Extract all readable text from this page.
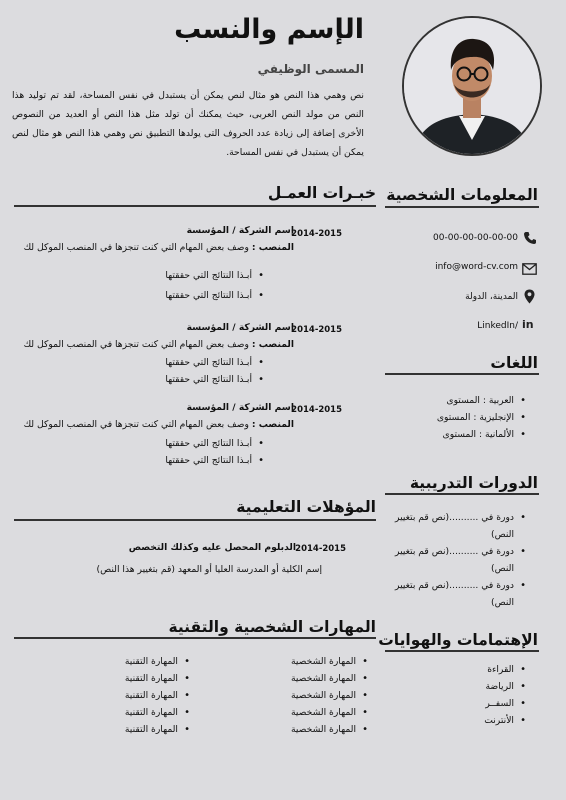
الإسم والنسب
المسمى الوظيفي
نص وهمي هذا النص هو مثال لنص يمكن أن يستبدل في نفس المساحة، لقد تم توليد هذا النص من مولد النص العربى، حيث يمكنك أن تولد مثل هذا النص أو العديد من النصوص الأخرى إضافة إلى زيادة عدد الحروف التى يولدها التطبيق نص وهمي هذا النص هو مثال لنص يمكن أن يستبدل في نفس المساحة.
المعلومات الشخصية
in
00-00-00-00-00-00
info@word-cv.com
المدينة، الدولة
LinkedIn/
اللغات
• العربية : المستوى
• الإنجليزية : المستوى
• الألمانية : المستوى
الدورات التدريبية
• دورة في ..........(نص قم بتغيير
النص)
• دورة في ..........(نص قم بتغيير
النص)
• دورة في ..........(نص قم بتغيير
النص)
الإهتمامات والهوايات
• القراءة
• الرياضة
• السفــر
• الأنترنت
خبـرات العمـل
2014-2015
إسم الشركة / المؤسسة
المنصب : وصف بعض المهام التي كنت تنجزها في المنصب الموكل لك
• أبـذا النتائج التي حققتها
• أبـذا النتائج التي حققتها
2014-2015
إسم الشركة / المؤسسة
المنصب : وصف بعض المهام التي كنت تنجزها في المنصب الموكل لك
• أبـذا النتائج التي حققتها
• أبـذا النتائج التي حققتها
2014-2015
إسم الشركة / المؤسسة
المنصب : وصف بعض المهام التي كنت تنجزها في المنصب الموكل لك
• أبـذا النتائج التي حققتها
• أبـذا النتائج التي حققتها
المؤهلات التعليمية
2014-2015
الدبلوم المحصل عليه وكذلك التخصص
إسم الكلية أو المدرسة العليا أو المعهد (قم بتغيير هذا النص)
المهارات الشخصية والتقنية
• المهارة الشخصية
• المهارة الشخصية
• المهارة الشخصية
• المهارة الشخصية
• المهارة الشخصية
• المهارة التقنية
• المهارة التقنية
• المهارة التقنية
• المهارة التقنية
• المهارة التقنية
